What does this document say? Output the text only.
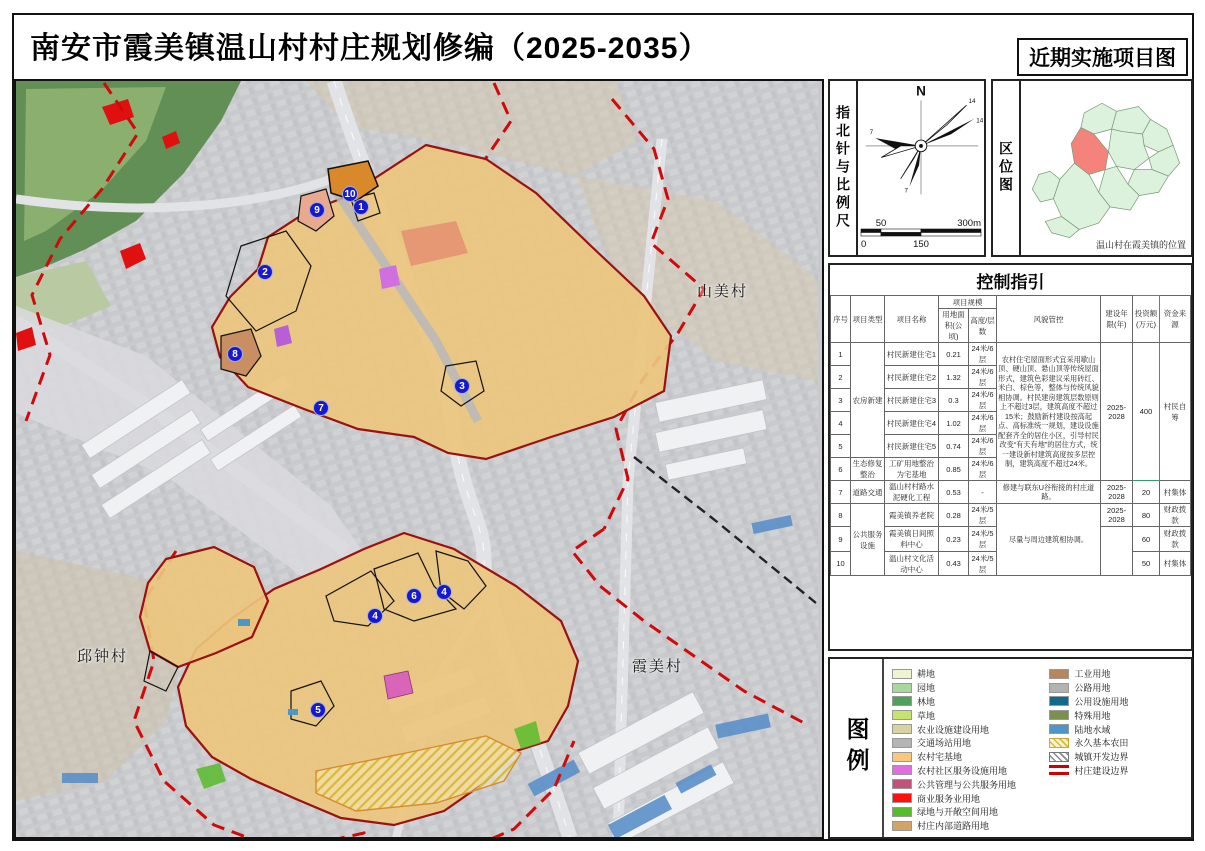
南安市霞美镇温山村村庄规划修编（2025-2035）	近期实施项目图
1
2
3
4
4
5
6
7
8
9
10
山美村
霞美村
邱钟村
指北针与比例尺
N
14
14
7
7
50	300m
0	150
区位图
温山村在霞美镇的位置
控制指引
序号	项目类型	项目名称	项目规模		风貌管控	建设年限(年)	投资额(万元)	资金来源
			用地面积(公顷)	高度/层数				
1	农房新建	村民新建住宅1	0.21	24米/6层	农村住宅屋面形式宜采用歇山顶、硬山顶、悬山顶等传统屋面形式，建筑色彩建议采用砖红、米白、棕色等，整体与传统风貌相协调。村民建房建筑层数原则上不超过3层，建筑高度不超过15米；鼓励新村建设按高起点、高标准统一规划，建设设施配套齐全的居住小区，引导村民改变“有天有地”的居住方式，统一建设新村建筑高度按多层控制，建筑高度不超过24米。	2025-2028	400	村民自筹
2		村民新建住宅2	1.32	24米/6层				
3		村民新建住宅3	0.3	24米/6层				
4		村民新建住宅4	1.02	24米/6层				
5		村民新建住宅5	0.74	24米/6层				
6	生态修复整治	工矿用地整治为宅基地	0.85	24米/6层				
7	道路交通	温山村村路水泥硬化工程	0.53	-	修建与联东U谷衔接的村庄道路。	2025-2028	20	村集体
8	公共服务设施	霞美镇养老院	0.28	24米/5层	尽量与周边建筑相协调。	2025-2028	80	财政拨款
9		霞美镇日间照料中心	0.23	24米/5层			60	财政拨款
10		温山村文化活动中心	0.43	24米/5层			50	村集体
图例
耕地
园地
林地
草地
农业设施建设用地
交通场站用地
农村宅基地
农村社区服务设施用地
公共管理与公共服务用地
商业服务业用地
绿地与开敞空间用地
村庄内部道路用地
工业用地
公路用地
公用设施用地
特殊用地
陆地水域
永久基本农田
城镇开发边界
村庄建设边界
